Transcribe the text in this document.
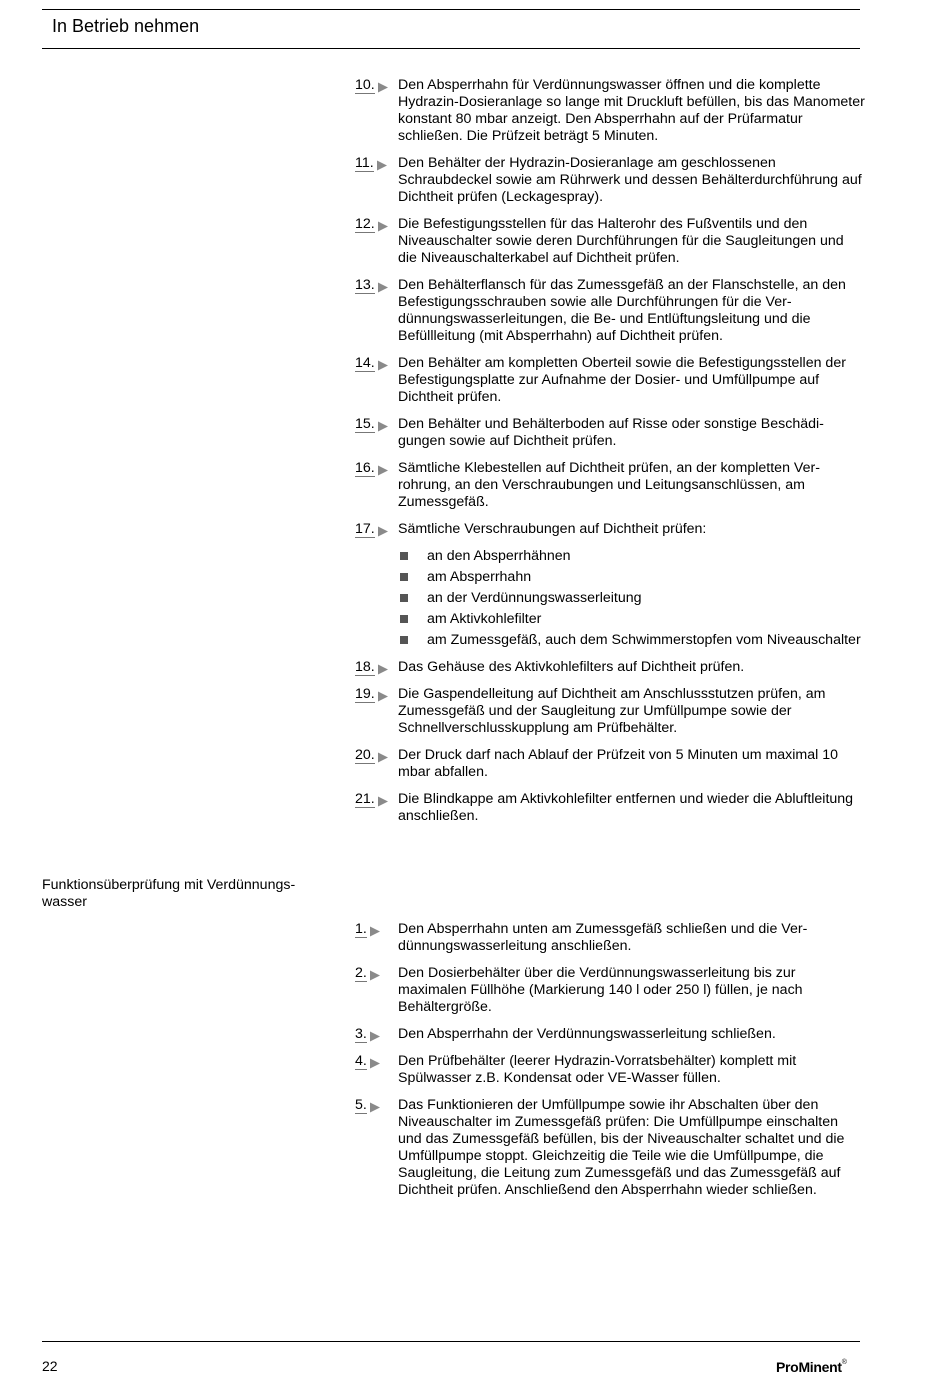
In Betrieb nehmen
10. Den Absperrhahn für Verdünnungswasser öffnen und die komplette Hydrazin-Dosieranlage so lange mit Druckluft befüllen, bis das Manometer konstant 80 mbar anzeigt. Den Absperrhahn auf der Prüfarmatur schließen. Die Prüfzeit beträgt 5 Minuten.
11. Den Behälter der Hydrazin-Dosieranlage am geschlossenen Schraubdeckel sowie am Rührwerk und dessen Behälterdurchführung auf Dichtheit prüfen (Leckagespray).
12. Die Befestigungsstellen für das Halterohr des Fußventils und den Niveauschalter sowie deren Durchführungen für die Saugleitungen und die Niveauschalterkabel auf Dichtheit prüfen.
13. Den Behälterflansch für das Zumessgefäß an der Flanschstelle, an den Befestigungsschrauben sowie alle Durchführungen für die Verdünnungswasserleitungen, die Be- und Entlüftungsleitung und die Befüllleitung (mit Absperrhahn) auf Dichtheit prüfen.
14. Den Behälter am kompletten Oberteil sowie die Befestigungsstellen der Befestigungsplatte zur Aufnahme der Dosier- und Umfüllpumpe auf Dichtheit prüfen.
15. Den Behälter und Behälterboden auf Risse oder sonstige Beschädigungen sowie auf Dichtheit prüfen.
16. Sämtliche Klebestellen auf Dichtheit prüfen, an der kompletten Verrohrung, an den Verschraubungen und Leitungsanschlüssen, am Zumessgefäß.
17. Sämtliche Verschraubungen auf Dichtheit prüfen:
an den Absperrhähnen
am Absperrhahn
an der Verdünnungswasserleitung
am Aktivkohlefilter
am Zumessgefäß, auch dem Schwimmerstopfen vom Niveauschalter
18. Das Gehäuse des Aktivkohlefilters auf Dichtheit prüfen.
19. Die Gaspendelleitung auf Dichtheit am Anschlussstutzen prüfen, am Zumessgefäß und der Saugleitung zur Umfüllpumpe sowie der Schnellverschlusskupplung am Prüfbehälter.
20. Der Druck darf nach Ablauf der Prüfzeit von 5 Minuten um maximal 10 mbar abfallen.
21. Die Blindkappe am Aktivkohlefilter entfernen und wieder die Abluftleitung anschließen.
Funktionsüberprüfung mit Verdünnungswasser
1. Den Absperrhahn unten am Zumessgefäß schließen und die Verdünnungswasserleitung anschließen.
2. Den Dosierbehälter über die Verdünnungswasserleitung bis zur maximalen Füllhöhe (Markierung 140 l oder 250 l) füllen, je nach Behältergröße.
3. Den Absperrhahn der Verdünnungswasserleitung schließen.
4. Den Prüfbehälter (leerer Hydrazin-Vorratsbehälter) komplett mit Spülwasser z.B. Kondensat oder VE-Wasser füllen.
5. Das Funktionieren der Umfüllpumpe sowie ihr Abschalten über den Niveauschalter im Zumessgefäß prüfen: Die Umfüllpumpe einschalten und das Zumessgefäß befüllen, bis der Niveauschalter schaltet und die Umfüllpumpe stoppt. Gleichzeitig die Teile wie die Umfüllpumpe, die Saugleitung, die Leitung zum Zumessgefäß und das Zumessgefäß auf Dichtheit prüfen. Anschließend den Absperrhahn wieder schließen.
22	ProMinent®
